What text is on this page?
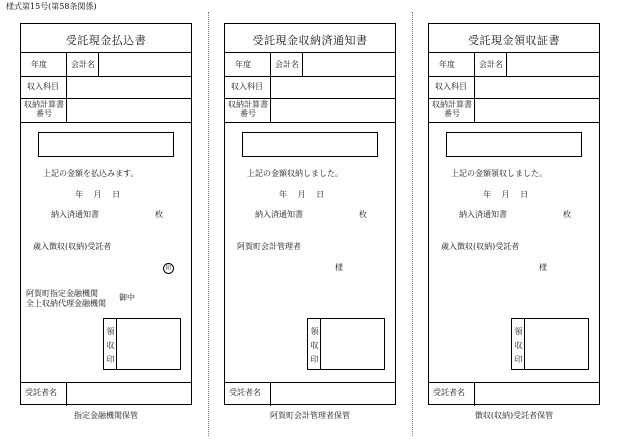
様式第15号(第58条関係)
受託現金払込書
年度	会計名
収入科目
収納計算書
番号
上記の金額を払込みます。
年　 月　 日
納入済通知書	枚
歳入徴収(収納)受託者
印
阿賀町指定金融機関
全上収納代理金融機関
御中
領
収
印
受託者名
指定金融機関保管
受託現金収納済通知書
年度	会計名
収入科目
収納計算書
番号
上記の金額収納しました。
年　 月　 日
納入済通知書	枚
阿賀町会計管理者
様
領
収
印
受託者名
阿賀町会計管理者保管
受託現金領収証書
年度	会計名
収入科目
収納計算書
番号
上記の金額領収しました。
年　 月　 日
納入済通知書	枚
歳入徴収(収納)受託者
様
領
収
印
受託者名
徴収(収納)受託者保管
